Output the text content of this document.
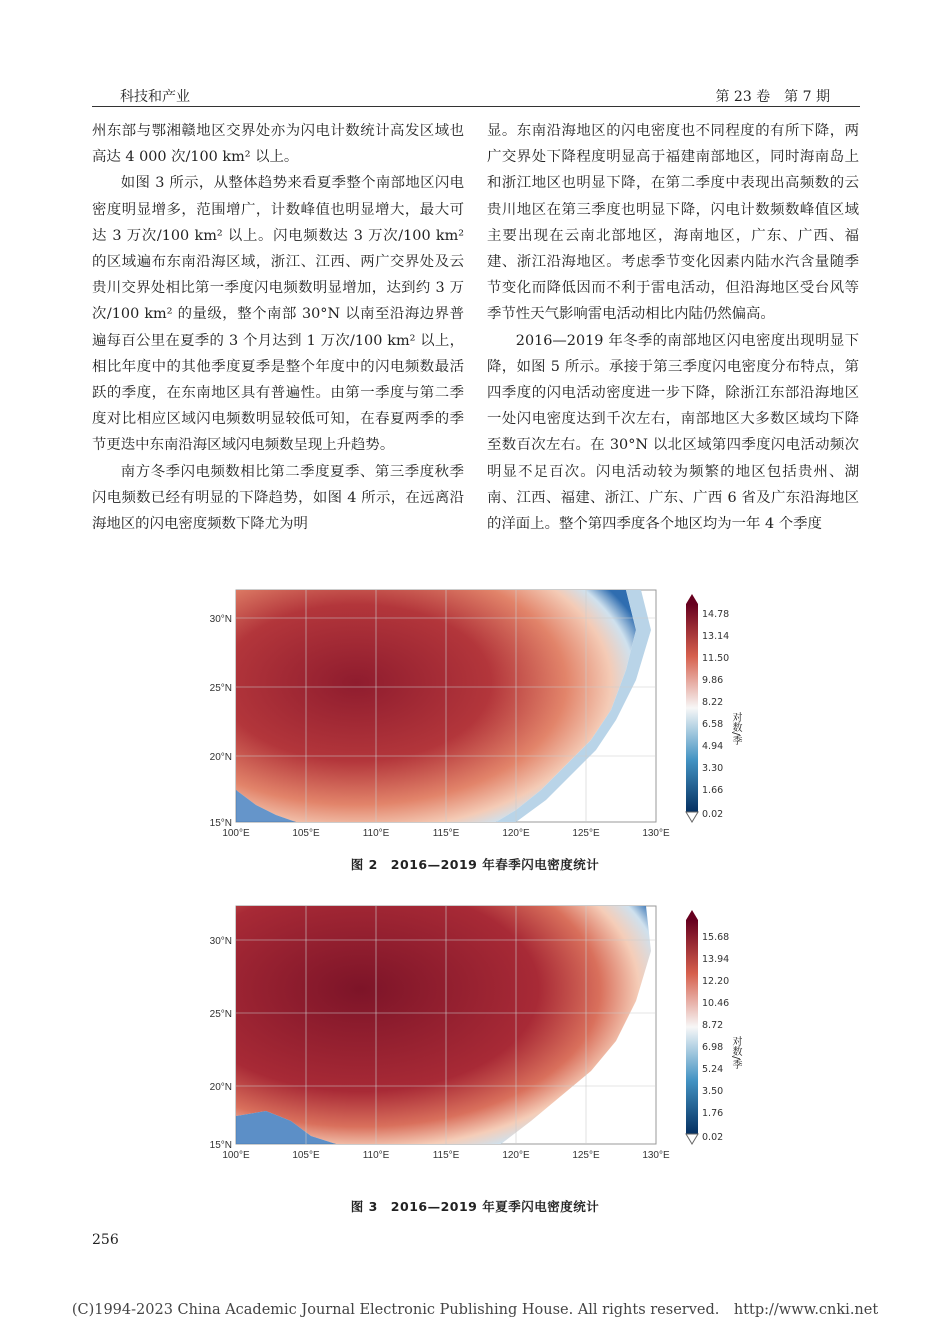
科技和产业	第 23 卷　第 7 期

州东部与鄂湘赣地区交界处亦为闪电计数统计高发区域也高达 4 000 次/100 km² 以上。

如图 3 所示，从整体趋势来看夏季整个南部地区闪电密度明显增多，范围增广，计数峰值也明显增大，最大可达 3 万次/100 km² 以上。闪电频数达 3 万次/100 km² 的区域遍布东南沿海区域，浙江、江西、两广交界处及云贵川交界处相比第一季度闪电频数明显增加，达到约 3 万次/100 km² 的量级，整个南部 30°N 以南至沿海边界普遍每百公里在夏季的 3 个月达到 1 万次/100 km² 以上，相比年度中的其他季度夏季是整个年度中的闪电频数最活跃的季度，在东南地区具有普遍性。由第一季度与第二季度对比相应区域闪电频数明显较低可知，在春夏两季的季节更迭中东南沿海区域闪电频数呈现上升趋势。

南方冬季闪电频数相比第二季度夏季、第三季度秋季闪电频数已经有明显的下降趋势，如图 4 所示，在远离沿海地区的闪电密度频数下降尤为明

显。东南沿海地区的闪电密度也不同程度的有所下降，两广交界处下降程度明显高于福建南部地区，同时海南岛上和浙江地区也明显下降，在第二季度中表现出高频数的云贵川地区在第三季度也明显下降，闪电计数频数峰值区域主要出现在云南北部地区，海南地区，广东、广西、福建、浙江沿海地区。考虑季节变化因素内陆水汽含量随季节变化而降低因而不利于雷电活动，但沿海地区受台风等季节性天气影响雷电活动相比内陆仍然偏高。

2016—2019 年冬季的南部地区闪电密度出现明显下降，如图 5 所示。承接于第三季度闪电密度分布特点，第四季度的闪电活动密度进一步下降，除浙江东部沿海地区一处闪电密度达到千次左右，南部地区大多数区域均下降至数百次左右。在 30°N 以北区域第四季度闪电活动频次明显不足百次。闪电活动较为频繁的地区包括贵州、湖南、江西、福建、浙江、广东、广西 6 省及广东沿海地区的洋面上。整个第四季度各个地区均为一年 4 个季度

30°N
25°N
20°N
15°N
100°E	105°E	110°E	115°E	120°E	125°E	130°E
14.78
13.14
11.50
9.86
8.22
6.58
4.94
3.30
1.66
0.02
图 2　2016—2019 年春季闪电密度统计
30°N
25°N
20°N
15°N
100°E	105°E	110°E	115°E	120°E	125°E	130°E
15.68
13.94
12.20
10.46
8.72
6.98
5.24
3.50
1.76
0.02
图 3　2016—2019 年夏季闪电密度统计
256
(C)1994-2023 China Academic Journal Electronic Publishing House. All rights reserved.　http://www.cnki.net
对数/季
对数/季
